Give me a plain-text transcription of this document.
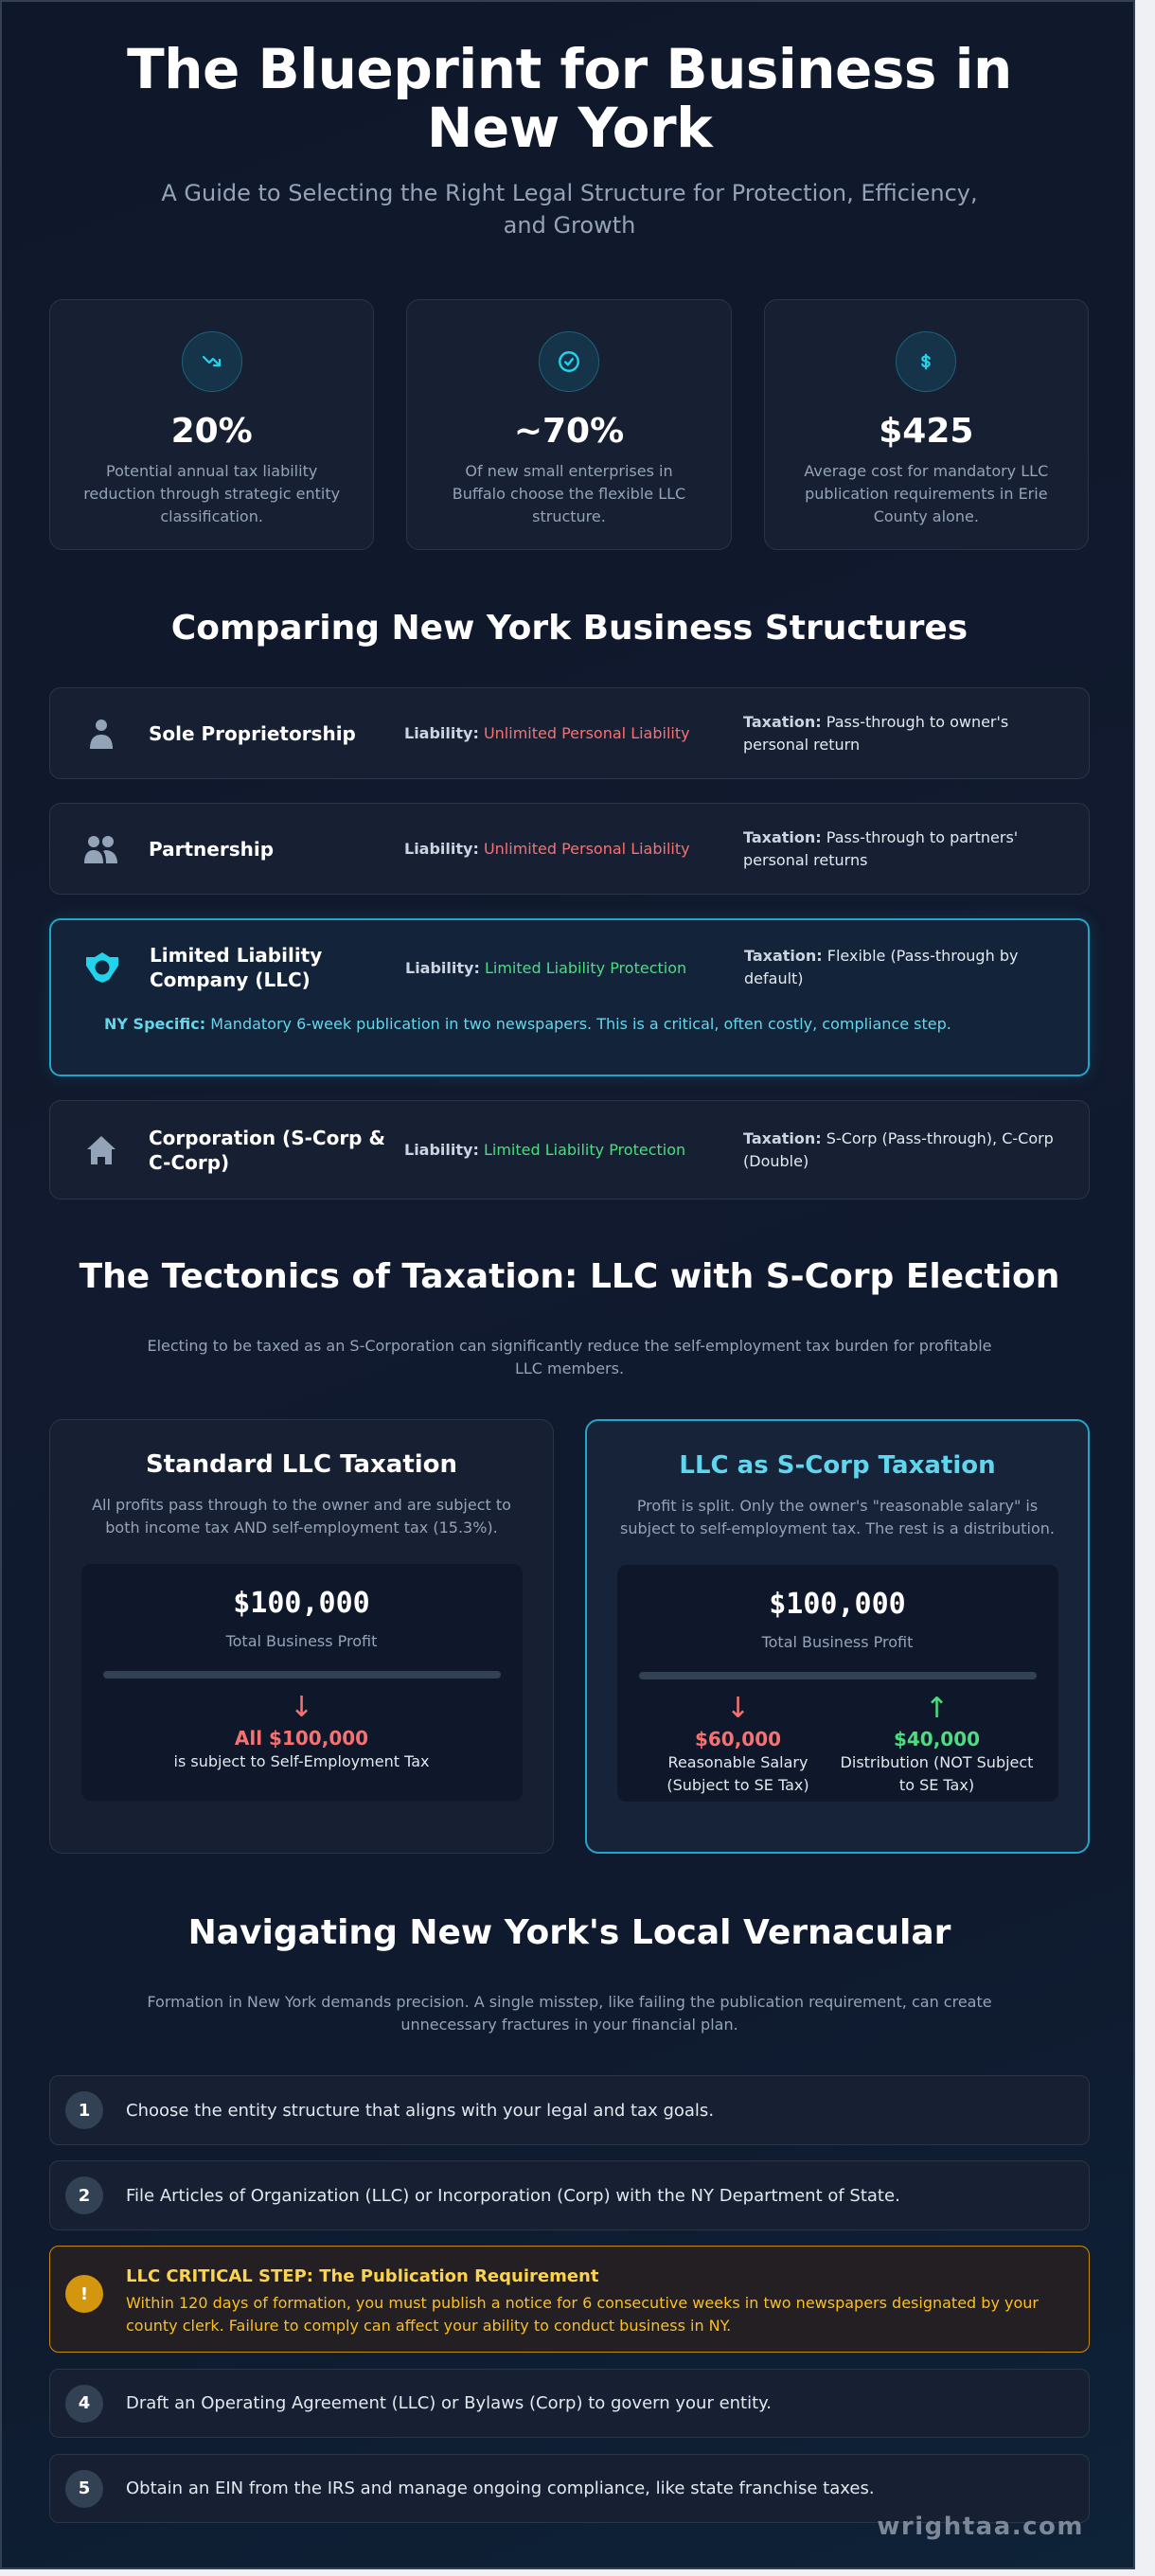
The Blueprint for Business in New York

A Guide to Selecting the Right Legal Structure for Protection, Efficiency, and Growth

20%
Potential annual tax liability reduction through strategic entity classification.
~70%
Of new small enterprises in Buffalo choose the flexible LLC structure.
$425
Average cost for mandatory LLC publication requirements in Erie County alone.
Comparing New York Business Structures
Sole Proprietorship	Liability: Unlimited Personal Liability
Taxation: Pass-through to owner's personal return
Partnership	Liability: Unlimited Personal Liability
Taxation: Pass-through to partners' personal returns
Limited Liability Company (LLC)
Liability: Limited Liability Protection
Taxation: Flexible (Pass-through by default)
NY Specific: Mandatory 6-week publication in two newspapers. This is a critical, often costly, compliance step.
Corporation (S-Corp & C-Corp)
Liability: Limited Liability Protection
Taxation: S-Corp (Pass-through), C-Corp (Double)
The Tectonics of Taxation: LLC with S-Corp Election

Electing to be taxed as an S-Corporation can significantly reduce the self-employment tax burden for profitable LLC members.

Standard LLC Taxation
All profits pass through to the owner and are subject to both income tax AND self-employment tax (15.3%).
$100,000
Total Business Profit
↓
All $100,000
is subject to Self-Employment Tax
LLC as S-Corp Taxation
Profit is split. Only the owner's "reasonable salary" is subject to self-employment tax. The rest is a distribution.
$100,000
Total Business Profit
↓
$60,000
Reasonable Salary (Subject to SE Tax)
↑
$40,000
Distribution (NOT Subject to SE Tax)
Navigating New York's Local Vernacular

Formation in New York demands precision. A single misstep, like failing the publication requirement, can create unnecessary fractures in your financial plan.

1	Choose the entity structure that aligns with your legal and tax goals.
2	File Articles of Organization (LLC) or Incorporation (Corp) with the NY Department of State.
!
LLC CRITICAL STEP: The Publication Requirement
Within 120 days of formation, you must publish a notice for 6 consecutive weeks in two newspapers designated by your county clerk. Failure to comply can affect your ability to conduct business in NY.
4	Draft an Operating Agreement (LLC) or Bylaws (Corp) to govern your entity.
5	Obtain an EIN from the IRS and manage ongoing compliance, like state franchise taxes.
wrightaa.com
